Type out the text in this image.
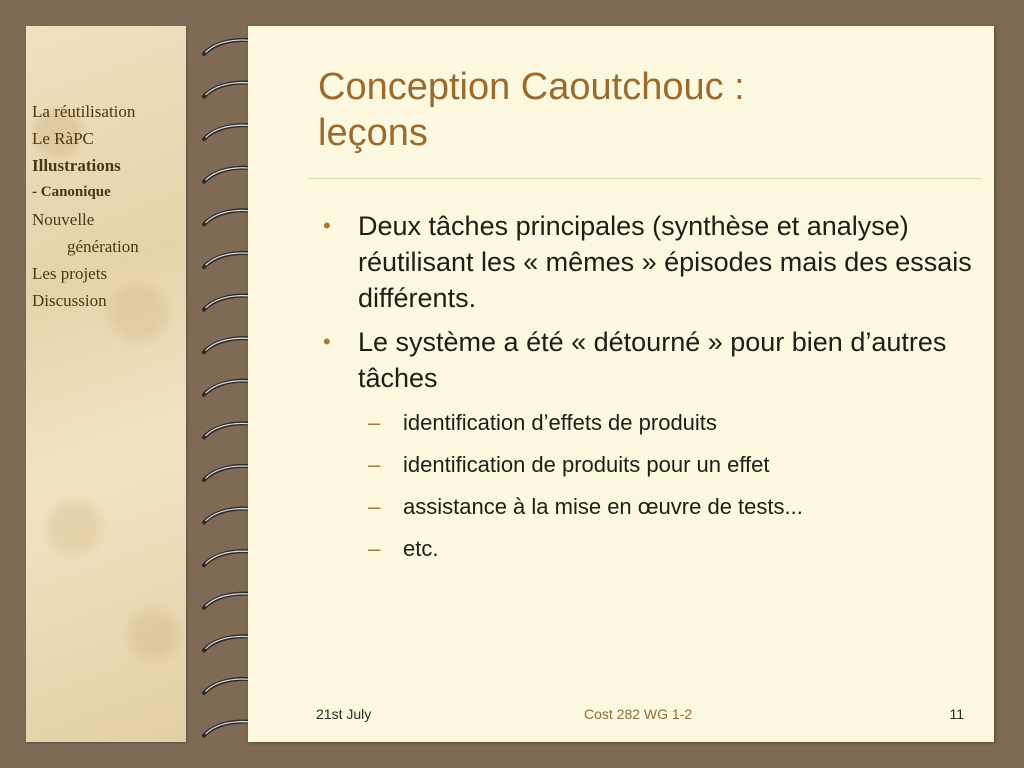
La réutilisation
Le RàPC
Illustrations
- Canonique
Nouvelle
génération
Les projets
Discussion
Conception Caoutchouc :
leçons
• Deux tâches principales (synthèse et analyse) réutilisant les « mêmes » épisodes mais des essais différents.
• Le système a été « détourné » pour bien d’autres tâches
– identification d’effets de produits
– identification de produits pour un effet
– assistance à la mise en œuvre de tests...
– etc.
21st July	Cost 282 WG 1-2	11
